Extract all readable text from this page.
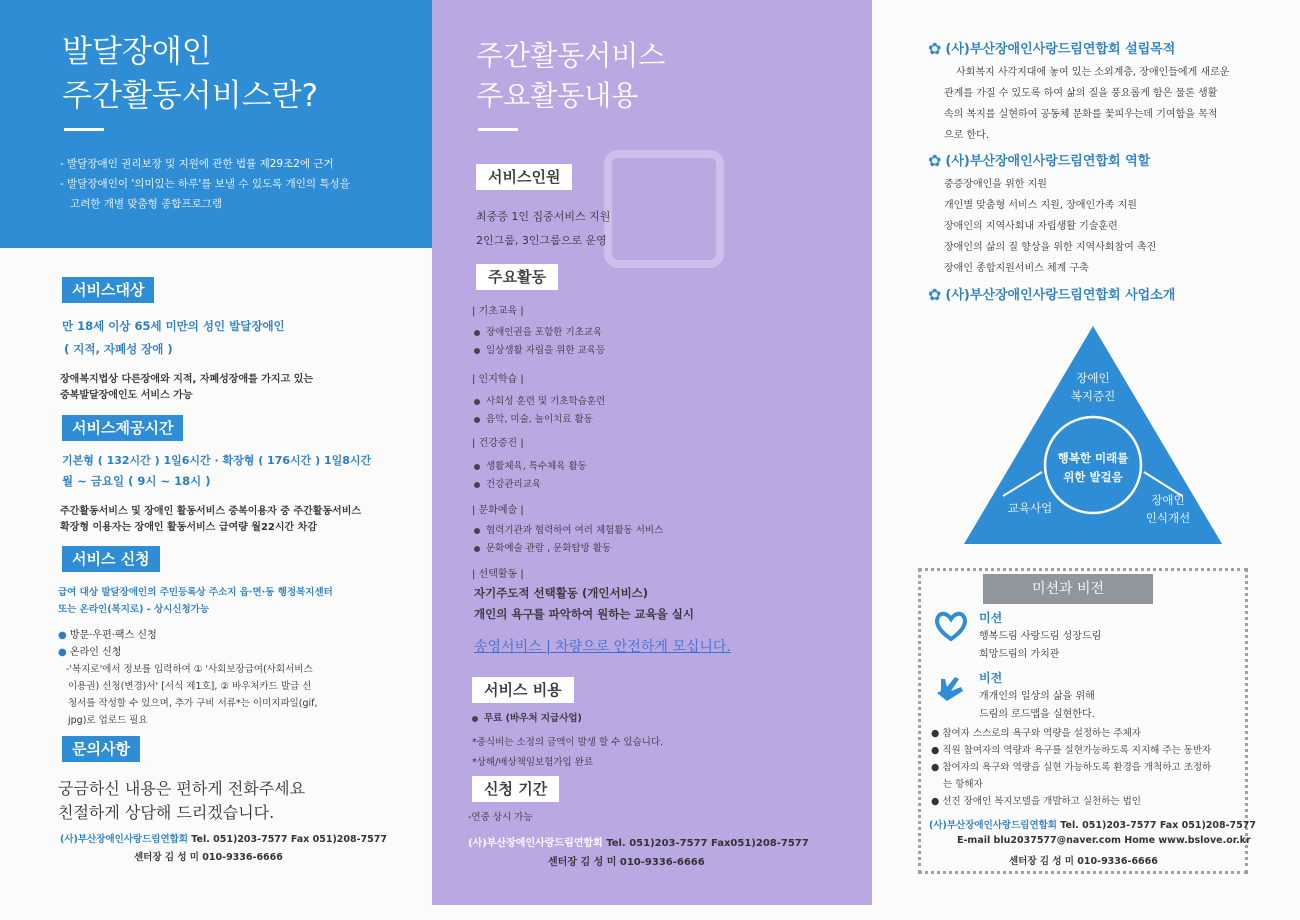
발달장애인
주간활동서비스란?
- 발달장애인 권리보장 및 지원에 관한 법률 제29조2에 근거
- 발달장애인이 '의미있는 하루'를 보낼 수 있도록 개인의 특성을
고려한 개별 맞춤형 종합프로그램
서비스대상
만 18세 이상 65세 미만의 성인 발달장애인
( 지적, 자폐성 장애 )
장애복지법상 다른장애와 지적, 자폐성장애를 가지고 있는
중복발달장애인도 서비스 가능
서비스제공시간
기본형 ( 132시간 ) 1일6시간 · 확장형 ( 176시간 ) 1일8시간
월 ~ 금요일 ( 9시 ~ 18시 )
주간활동서비스 및 장애인 활동서비스 중복이용자 중 주간활동서비스
확장형 이용자는 장애인 활동서비스 급여량 월22시간 차감
서비스 신청
급여 대상 발달장애인의 주민등록상 주소지 읍·면·동 행정복지센터
또는 온라인(복지로) - 상시신청가능
● 방문·우편·팩스 신청
● 온라인 신청
-'복지로'에서 정보를 입력하여 ① '사회보장급여(사회서비스
이용권) 신청(변경)서' [서식 제1호], ② 바우처카드 발급 신
청서를 작성할 수 있으며, 추가 구비 서류*는 이미지파일(gif,
jpg)로 업로드 필요
문의사항
궁금하신 내용은 편하게 전화주세요
친절하게 상담해 드리겠습니다.
(사)부산장애인사랑드림연합회 Tel. 051)203-7577 Fax 051)208-7577
센터장 김 성 미 010-9336-6666
주간활동서비스
주요활동내용
서비스인원
최중증 1인 집중서비스 지원
2인그룹, 3인그룹으로 운영
주요활동
| 기초교육 |
장애인권을 포함한 기초교육
일상생활 자립을 위한 교육등
| 인지학습 |
사회성 훈련 및 기초학습훈련
음악, 미술, 놀이치료 활동
| 건강증진 |
생활체육, 특수체육 활동
건강관리교육
| 문화예술 |
협력기관과 협력하여 여러 체험활동 서비스
문화예술 관람 , 문화탐방 활동
| 선택활동 |
자기주도적 선택활동 (개인서비스)
개인의 욕구를 파악하여 원하는 교육을 실시
송영서비스 | 차량으로 안전하게 모십니다.
서비스 비용
무료 (바우처 지급사업)
*중식비는 소정의 금액이 발생 할 수 있습니다.
*상해/배상책임보험가입 완료
신청 기간
-연중 상시 가능
(사)부산장애인사랑드림연합회 Tel. 051)203-7577 Fax051)208-7577
센터장 김 성 미 010-9336-6666
✿ (사)부산장애인사랑드림연합회 설립목적
사회복지 사각지대에 놓여 있는 소외계층, 장애인들에게 새로운
관계를 가질 수 있도록 하여 삶의 질을 풍요롭게 함은 물론 생활
속의 복지를 실현하여 공동체 문화를 꽃피우는데 기여함을 목적
으로 한다.
✿ (사)부산장애인사랑드림연합회 역할
중증장애인을 위한 지원
개인별 맞춤형 서비스 지원, 장애인가족 지원
장애인의 지역사회내 자립생활 기술훈련
장애인의 삶의 질 향상을 위한 지역사회참여 촉진
장애인 종합지원서비스 체계 구축
✿ (사)부산장애인사랑드림연합회 사업소개
장애인
복지증진
행복한 미래를
위한 발걸음
교육사업
장애인
인식개선
미션과 비전
미션
행복드림 사랑드림 성장드림
희망드림의 가치관
비전
개개인의 일상의 삶을 위해
드림의 로드맵을 실현한다.
● 참여자 스스로의 욕구와 역량을 설정하는 주체자
● 직원 참여자의 역량과 욕구를 실현가능하도록 지지해 주는 동반자
● 참여자의 욕구와 역량을 실현 가능하도록 환경을 개척하고 조정하
는 항해자
● 선진 장애인 복지모델을 개발하고 실천하는 법인
(사)부산장애인사랑드림연합회 Tel. 051)203-7577 Fax 051)208-7577
E-mail blu2037577@naver.com Home www.bslove.or.kr
센터장 김 성 미 010-9336-6666
